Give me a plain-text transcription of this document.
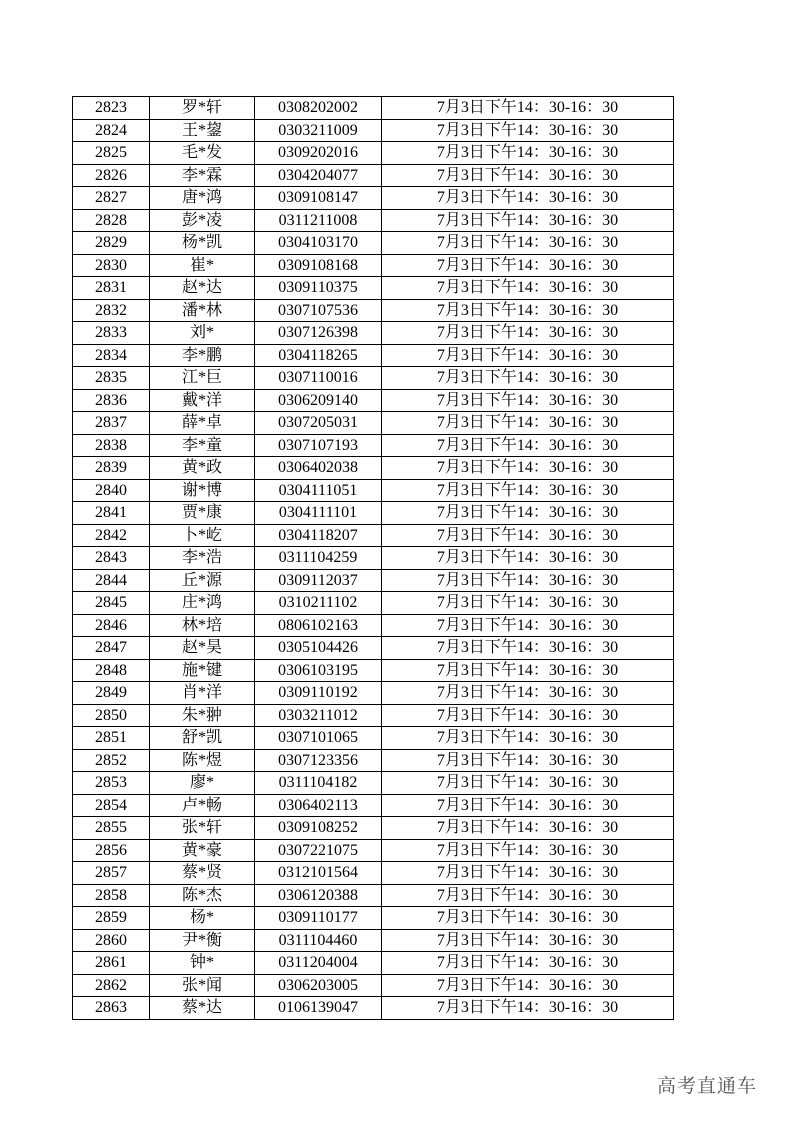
2823	罗*轩	0308202002	7月3日下午14：30-16：30
2824	王*鋆	0303211009	7月3日下午14：30-16：30
2825	毛*发	0309202016	7月3日下午14：30-16：30
2826	李*霖	0304204077	7月3日下午14：30-16：30
2827	唐*鸿	0309108147	7月3日下午14：30-16：30
2828	彭*凌	0311211008	7月3日下午14：30-16：30
2829	杨*凯	0304103170	7月3日下午14：30-16：30
2830	崔*	0309108168	7月3日下午14：30-16：30
2831	赵*达	0309110375	7月3日下午14：30-16：30
2832	潘*林	0307107536	7月3日下午14：30-16：30
2833	刘*	0307126398	7月3日下午14：30-16：30
2834	李*鹏	0304118265	7月3日下午14：30-16：30
2835	江*巨	0307110016	7月3日下午14：30-16：30
2836	戴*洋	0306209140	7月3日下午14：30-16：30
2837	薛*卓	0307205031	7月3日下午14：30-16：30
2838	李*童	0307107193	7月3日下午14：30-16：30
2839	黄*政	0306402038	7月3日下午14：30-16：30
2840	谢*博	0304111051	7月3日下午14：30-16：30
2841	贾*康	0304111101	7月3日下午14：30-16：30
2842	卜*屹	0304118207	7月3日下午14：30-16：30
2843	李*浩	0311104259	7月3日下午14：30-16：30
2844	丘*源	0309112037	7月3日下午14：30-16：30
2845	庄*鸿	0310211102	7月3日下午14：30-16：30
2846	林*培	0806102163	7月3日下午14：30-16：30
2847	赵*昊	0305104426	7月3日下午14：30-16：30
2848	施*键	0306103195	7月3日下午14：30-16：30
2849	肖*洋	0309110192	7月3日下午14：30-16：30
2850	朱*翀	0303211012	7月3日下午14：30-16：30
2851	舒*凯	0307101065	7月3日下午14：30-16：30
2852	陈*煜	0307123356	7月3日下午14：30-16：30
2853	廖*	0311104182	7月3日下午14：30-16：30
2854	卢*畅	0306402113	7月3日下午14：30-16：30
2855	张*轩	0309108252	7月3日下午14：30-16：30
2856	黄*豪	0307221075	7月3日下午14：30-16：30
2857	蔡*贤	0312101564	7月3日下午14：30-16：30
2858	陈*杰	0306120388	7月3日下午14：30-16：30
2859	杨*	0309110177	7月3日下午14：30-16：30
2860	尹*衡	0311104460	7月3日下午14：30-16：30
2861	钟*	0311204004	7月3日下午14：30-16：30
2862	张*闻	0306203005	7月3日下午14：30-16：30
2863	蔡*达	0106139047	7月3日下午14：30-16：30
高考直通车
